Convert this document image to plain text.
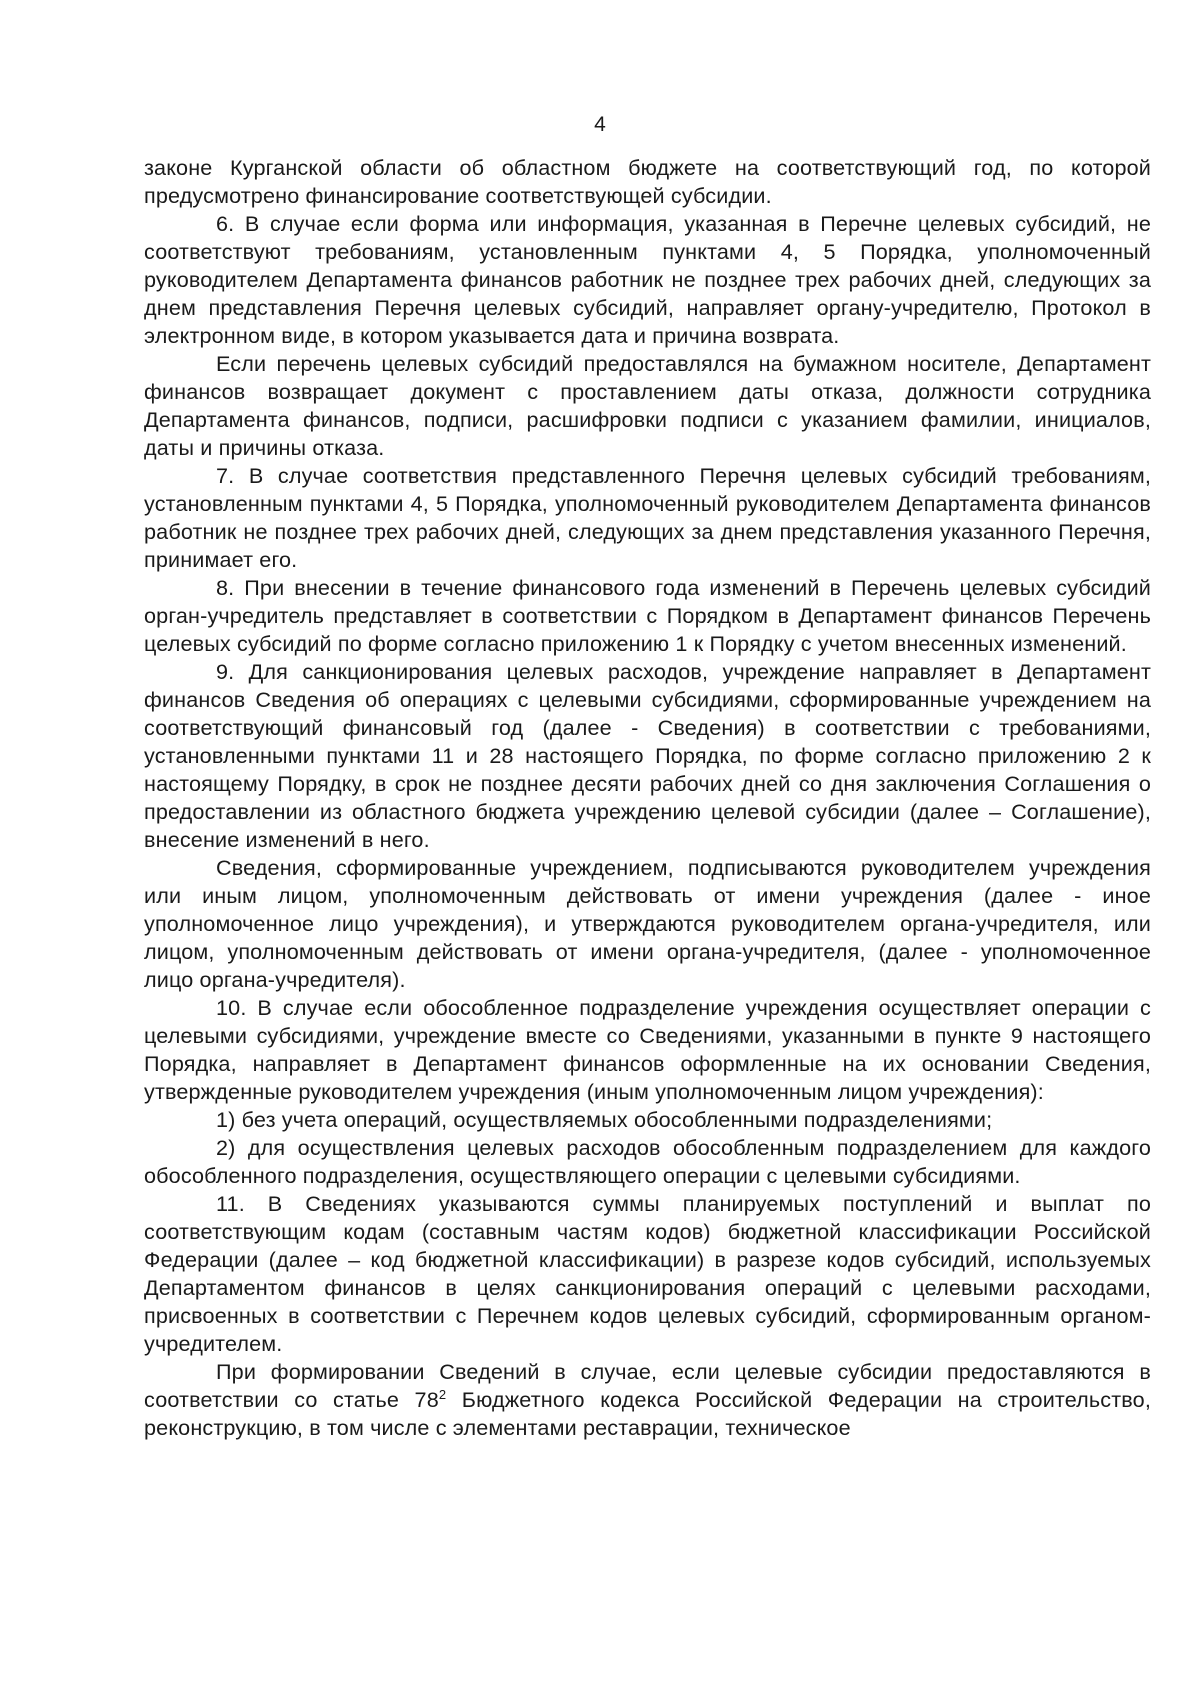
4

законе Курганской области об областном бюджете на соответствующий год, по которой предусмотрено финансирование соответствующей субсидии.

6. В случае если форма или информация, указанная в Перечне целевых субсидий, не соответствуют требованиям, установленным пунктами 4, 5 Порядка, уполномоченный руководителем Департамента финансов работник не позднее трех рабочих дней, следующих за днем представления Перечня целевых субсидий, направляет органу-учредителю, Протокол в электронном виде, в котором указывается дата и причина возврата.

Если перечень целевых субсидий предоставлялся на бумажном носителе, Департамент финансов возвращает документ с проставлением даты отказа, должности сотрудника Департамента финансов, подписи, расшифровки подписи с указанием фамилии, инициалов, даты и причины отказа.

7. В случае соответствия представленного Перечня целевых субсидий требованиям, установленным пунктами 4, 5 Порядка, уполномоченный руководителем Департамента финансов работник не позднее трех рабочих дней, следующих за днем представления указанного Перечня, принимает его.

8. При внесении в течение финансового года изменений в Перечень целевых субсидий орган-учредитель представляет в соответствии с Порядком в Департамент финансов Перечень целевых субсидий по форме согласно приложению 1 к Порядку с учетом внесенных изменений.

9. Для санкционирования целевых расходов, учреждение направляет в Департамент финансов Сведения об операциях с целевыми субсидиями, сформированные учреждением на соответствующий финансовый год (далее - Сведения) в соответствии с требованиями, установленными пунктами 11 и 28 настоящего Порядка, по форме согласно приложению 2 к настоящему Порядку, в срок не позднее десяти рабочих дней со дня заключения Соглашения о предоставлении из областного бюджета учреждению целевой субсидии (далее – Соглашение), внесение изменений в него.

Сведения, сформированные учреждением, подписываются руководителем учреждения или иным лицом, уполномоченным действовать от имени учреждения (далее - иное уполномоченное лицо учреждения), и утверждаются руководителем органа-учредителя, или лицом, уполномоченным действовать от имени органа-учредителя, (далее - уполномоченное лицо органа-учредителя).

10. В случае если обособленное подразделение учреждения осуществляет операции с целевыми субсидиями, учреждение вместе со Сведениями, указанными в пункте 9 настоящего Порядка, направляет в Департамент финансов оформленные на их основании Сведения, утвержденные руководителем учреждения (иным уполномоченным лицом учреждения):

1) без учета операций, осуществляемых обособленными подразделениями;

2) для осуществления целевых расходов обособленным подразделением для каждого обособленного подразделения, осуществляющего операции с целевыми субсидиями.

11. В Сведениях указываются суммы планируемых поступлений и выплат по соответствующим кодам (составным частям кодов) бюджетной классификации Российской Федерации (далее – код бюджетной классификации) в разрезе кодов субсидий, используемых Департаментом финансов в целях санкционирования операций с целевыми расходами, присвоенных в соответствии с Перечнем кодов целевых субсидий, сформированным органом-учредителем.

При формировании Сведений в случае, если целевые субсидии предоставляются в соответствии со статье $78^2$ Бюджетного кодекса Российской Федерации на строительство, реконструкцию, в том числе с элементами реставрации, техническое
